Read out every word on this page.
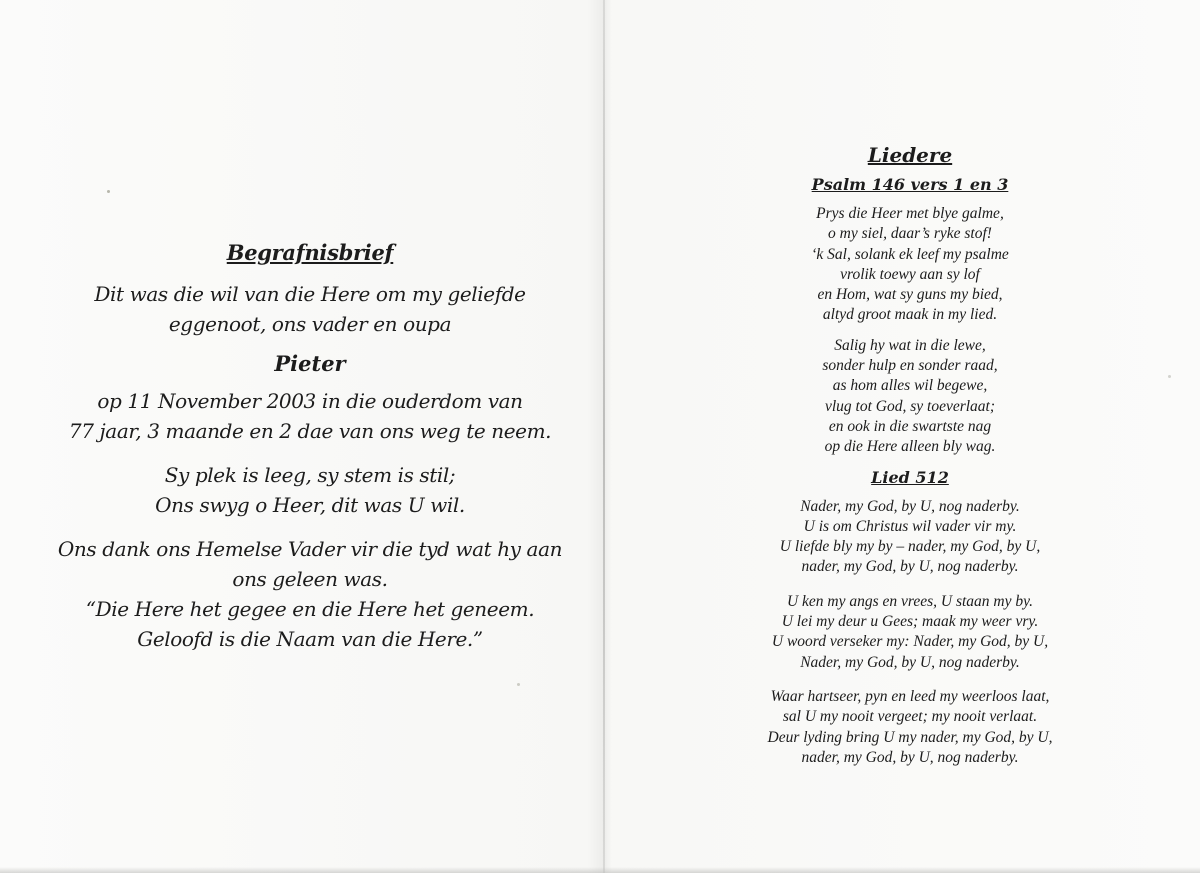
Begrafnisbrief
Dit was die wil van die Here om my geliefde
eggenoot, ons vader en oupa
Pieter
op 11 November 2003 in die ouderdom van
77 jaar, 3 maande en 2 dae van ons weg te neem.
Sy plek is leeg, sy stem is stil;
Ons swyg o Heer, dit was U wil.
Ons dank ons Hemelse Vader vir die tyd wat hy aan
ons geleen was.
“Die Here het gegee en die Here het geneem.
Geloofd is die Naam van die Here.”
Liedere
Psalm 146 vers 1 en 3
Prys die Heer met blye galme,
o my siel, daar’s ryke stof!
‘k Sal, solank ek leef my psalme
vrolik toewy aan sy lof
en Hom, wat sy guns my bied,
altyd groot maak in my lied.
Salig hy wat in die lewe,
sonder hulp en sonder raad,
as hom alles wil begewe,
vlug tot God, sy toeverlaat;
en ook in die swartste nag
op die Here alleen bly wag.
Lied 512
Nader, my God, by U, nog naderby.
U is om Christus wil vader vir my.
U liefde bly my by – nader, my God, by U,
nader, my God, by U, nog naderby.
U ken my angs en vrees, U staan my by.
U lei my deur u Gees; maak my weer vry.
U woord verseker my: Nader, my God, by U,
Nader, my God, by U, nog naderby.
Waar hartseer, pyn en leed my weerloos laat,
sal U my nooit vergeet; my nooit verlaat.
Deur lyding bring U my nader, my God, by U,
nader, my God, by U, nog naderby.
